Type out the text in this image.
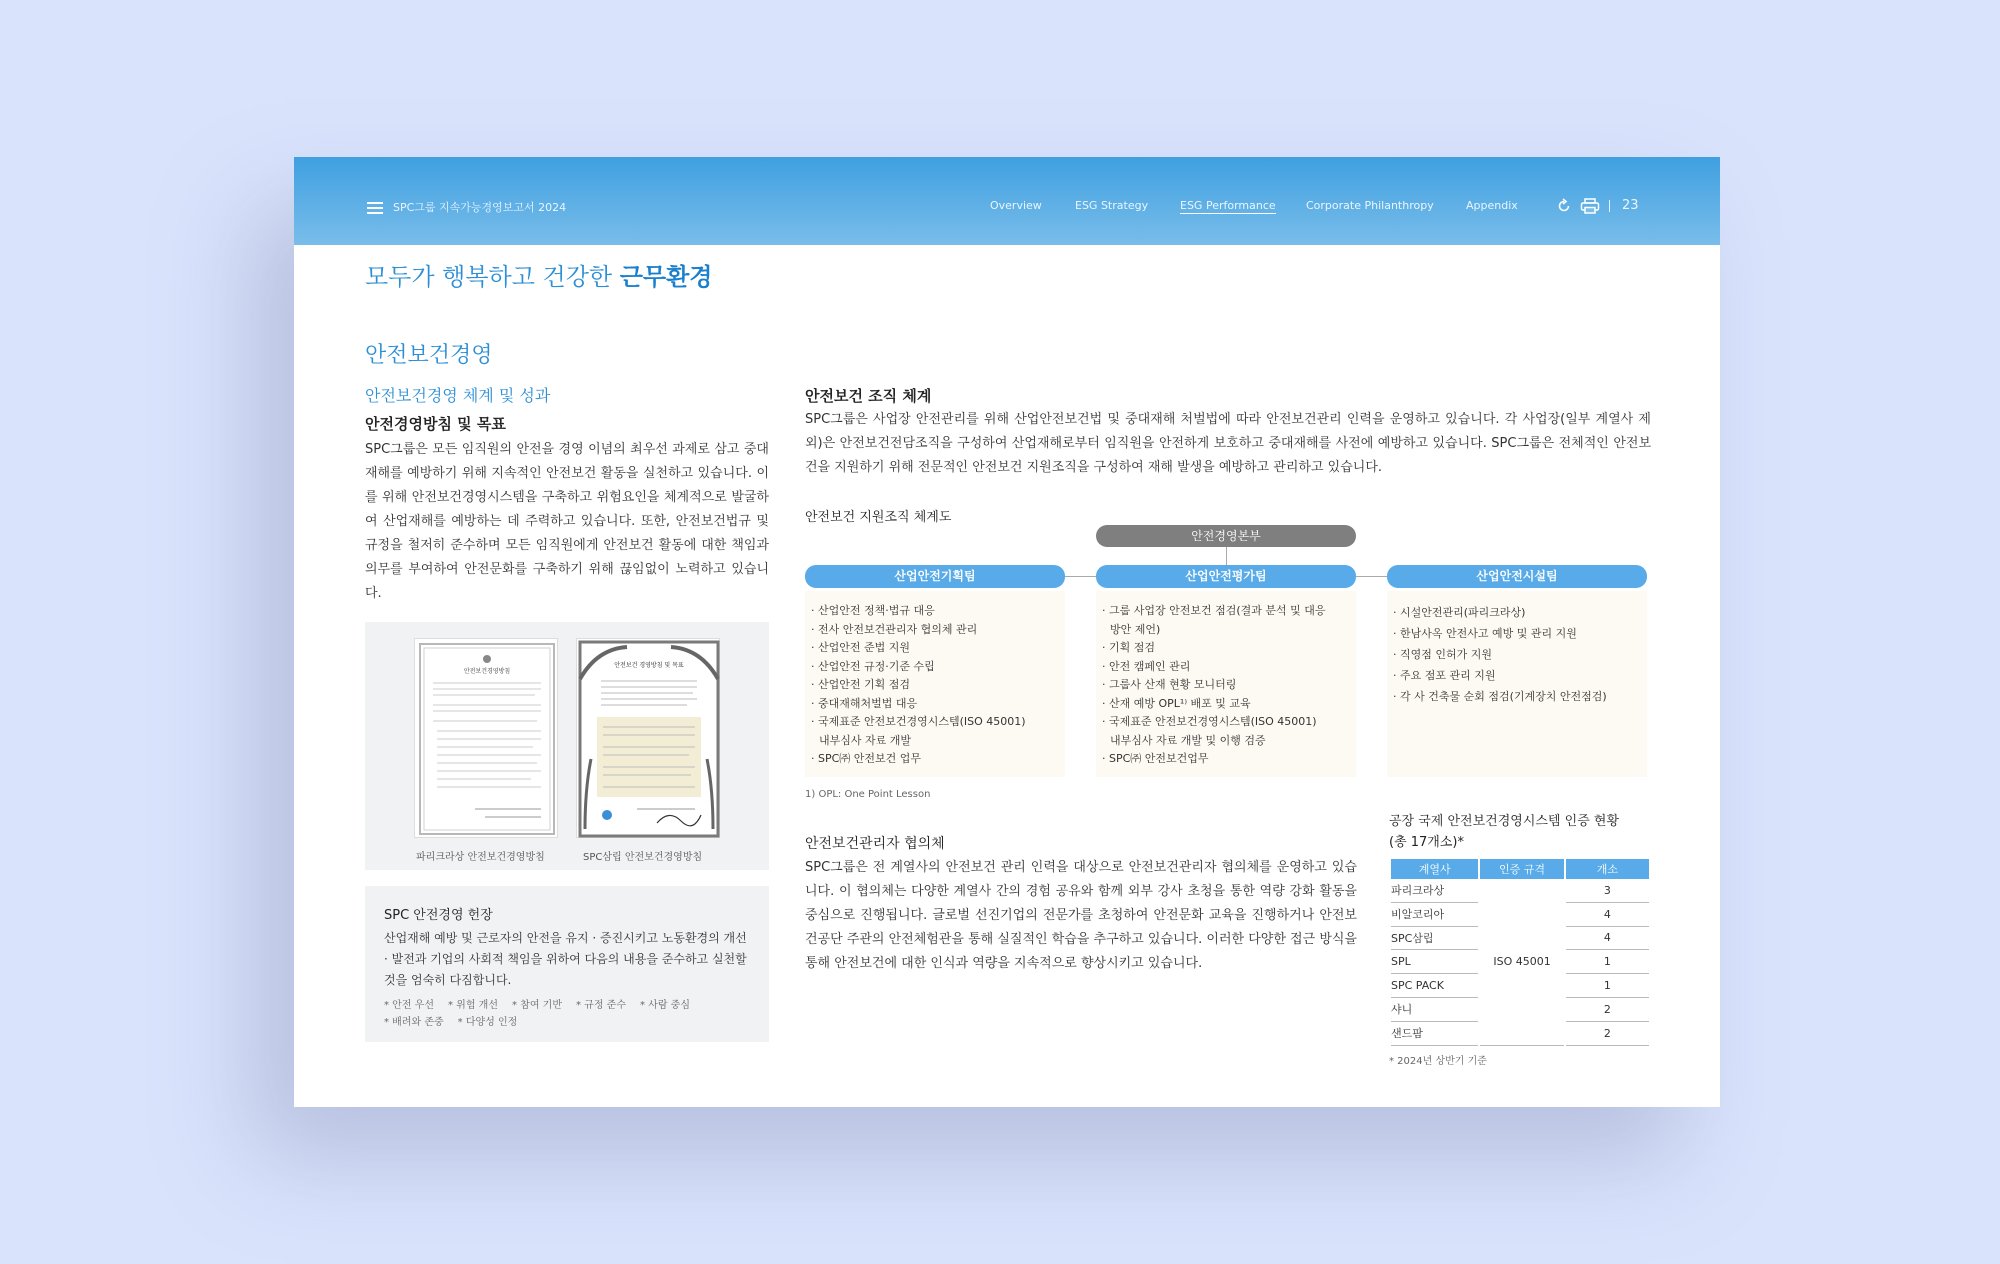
SPC그룹 지속가능경영보고서 2024	Overview	ESG Strategy	ESG Performance	Corporate Philanthropy	Appendix	23
모두가 행복하고 건강한 근무환경
안전보건경영
안전보건경영 체계 및 성과
안전경영방침 및 목표
SPC그룹은 모든 임직원의 안전을 경영 이념의 최우선 과제로 삼고 중대 재해를 예방하기 위해 지속적인 안전보건 활동을 실천하고 있습니다. 이를 위해 안전보건경영시스템을 구축하고 위험요인을 체계적으로 발굴하여 산업재해를 예방하는 데 주력하고 있습니다. 또한, 안전보건법규 및 규정을 철저히 준수하며 모든 임직원에게 안전보건 활동에 대한 책임과 의무를 부여하여 안전문화를 구축하기 위해 끊임없이 노력하고 있습니다.
안전보건경영방침
안전보건 경영방침 및 목표
파리크라상 안전보건경영방침	SPC삼립 안전보건경영방침
SPC 안전경영 헌장
산업재해 예방 및 근로자의 안전을 유지 · 증진시키고 노동환경의 개선 · 발전과 기업의 사회적 책임을 위하여 다음의 내용을 준수하고 실천할 것을 엄숙히 다짐합니다.
* 안전 우선 * 위험 개선 * 참여 기반 * 규정 준수 * 사람 중심* 배려와 존중 * 다양성 인정
안전보건 조직 체계
SPC그룹은 사업장 안전관리를 위해 산업안전보건법 및 중대재해 처벌법에 따라 안전보건관리 인력을 운영하고 있습니다. 각 사업장(일부 계열사 제외)은 안전보건전담조직을 구성하여 산업재해로부터 임직원을 안전하게 보호하고 중대재해를 사전에 예방하고 있습니다. SPC그룹은 전체적인 안전보건을 지원하기 위해 전문적인 안전보건 지원조직을 구성하여 재해 발생을 예방하고 관리하고 있습니다.
안전보건 지원조직 체계도
안전경영본부
산업안전기획팀	산업안전평가팀	산업안전시설팀
· 산업안전 정책·법규 대응
· 전사 안전보건관리자 협의체 관리
· 산업안전 준법 지원
· 산업안전 규정·기준 수립
· 산업안전 기획 점검
· 중대재해처벌법 대응
· 국제표준 안전보건경영시스템(ISO 45001)
내부심사 자료 개발
· SPC㈜ 안전보건 업무
· 그룹 사업장 안전보건 점검(결과 분석 및 대응
방안 제언)
· 기획 점검
· 안전 캠페인 관리
· 그룹사 산재 현황 모니터링
· 산재 예방 OPL¹⁾ 배포 및 교육
· 국제표준 안전보건경영시스템(ISO 45001)
내부심사 자료 개발 및 이행 검증
· SPC㈜ 안전보건업무
· 시설안전관리(파리크라상)
· 한남사옥 안전사고 예방 및 관리 지원
· 직영점 인허가 지원
· 주요 점포 관리 지원
· 각 사 건축물 순회 점검(기계장치 안전점검)
1) OPL: One Point Lesson
안전보건관리자 협의체
SPC그룹은 전 계열사의 안전보건 관리 인력을 대상으로 안전보건관리자 협의체를 운영하고 있습니다. 이 협의체는 다양한 계열사 간의 경험 공유와 함께 외부 강사 초청을 통한 역량 강화 활동을 중심으로 진행됩니다. 글로벌 선진기업의 전문가를 초청하여 안전문화 교육을 진행하거나 안전보건공단 주관의 안전체험관을 통해 실질적인 학습을 추구하고 있습니다. 이러한 다양한 접근 방식을 통해 안전보건에 대한 인식과 역량을 지속적으로 향상시키고 있습니다.
공장 국제 안전보건경영시스템 인증 현황
(총 17개소)*
계열사	인증 규격	개소
파리크라상	ISO 45001	3
비알코리아		4
SPC삼립		4
SPL		1
SPC PACK		1
샤니		2
샌드팜		2
* 2024년 상반기 기준
